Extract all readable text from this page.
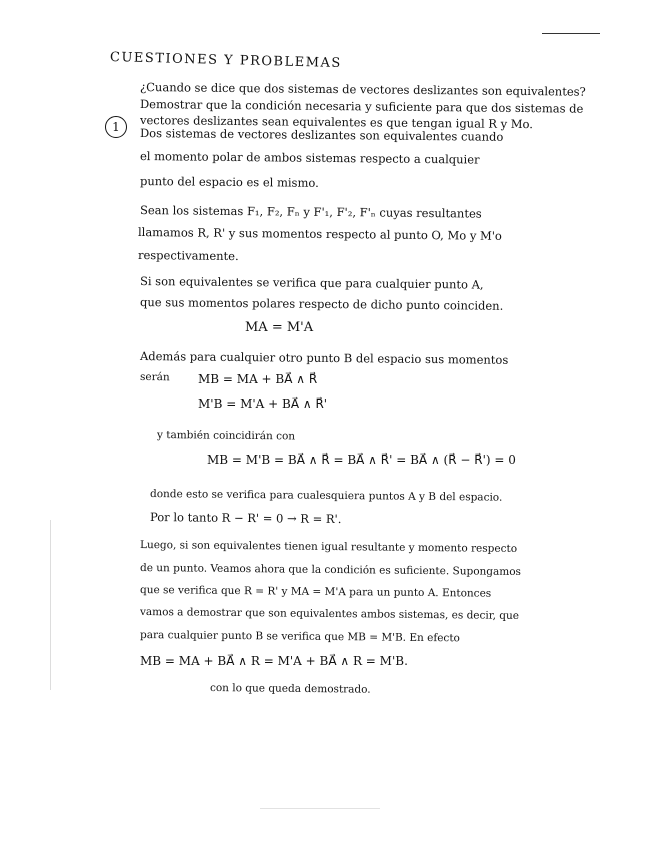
CUESTIONES Y PROBLEMAS
¿Cuando se dice que dos sistemas de vectores deslizantes son equivalentes?
Demostrar que la condición necesaria y suficiente para que dos sistemas de
vectores deslizantes sean equivalentes es que tengan igual R y Mo.
1 Dos sistemas de vectores deslizantes son equivalentes cuando
el momento polar de ambos sistemas respecto a cualquier
punto del espacio es el mismo.
Sean los sistemas F₁, F₂, Fₙ y F'₁, F'₂, F'ₙ cuyas resultantes
llamamos R, R' y sus momentos respecto al punto O, Mo y M'o
respectivamente.
Si son equivalentes se verifica que para cualquier punto A,
que sus momentos polares respecto de dicho punto coinciden.
MA = M'A
Además para cualquier otro punto B del espacio sus momentos
serán MB = MA + BA⃗ ∧ R⃗
M'B = M'A + BA⃗ ∧ R⃗'
y también coincidirán con
MB = M'B = BA⃗ ∧ R⃗ = BA⃗ ∧ R⃗' = BA⃗ ∧ (R⃗ − R⃗') = 0
donde esto se verifica para cualesquiera puntos A y B del espacio.
Por lo tanto R − R' = 0 → R = R'.
Luego, si son equivalentes tienen igual resultante y momento respecto
de un punto. Veamos ahora que la condición es suficiente. Supongamos
que se verifica que R = R' y MA = M'A para un punto A. Entonces
vamos a demostrar que son equivalentes ambos sistemas, es decir, que
para cualquier punto B se verifica que MB = M'B. En efecto
MB = MA + BA⃗ ∧ R = M'A + BA⃗ ∧ R = M'B.
con lo que queda demostrado.
